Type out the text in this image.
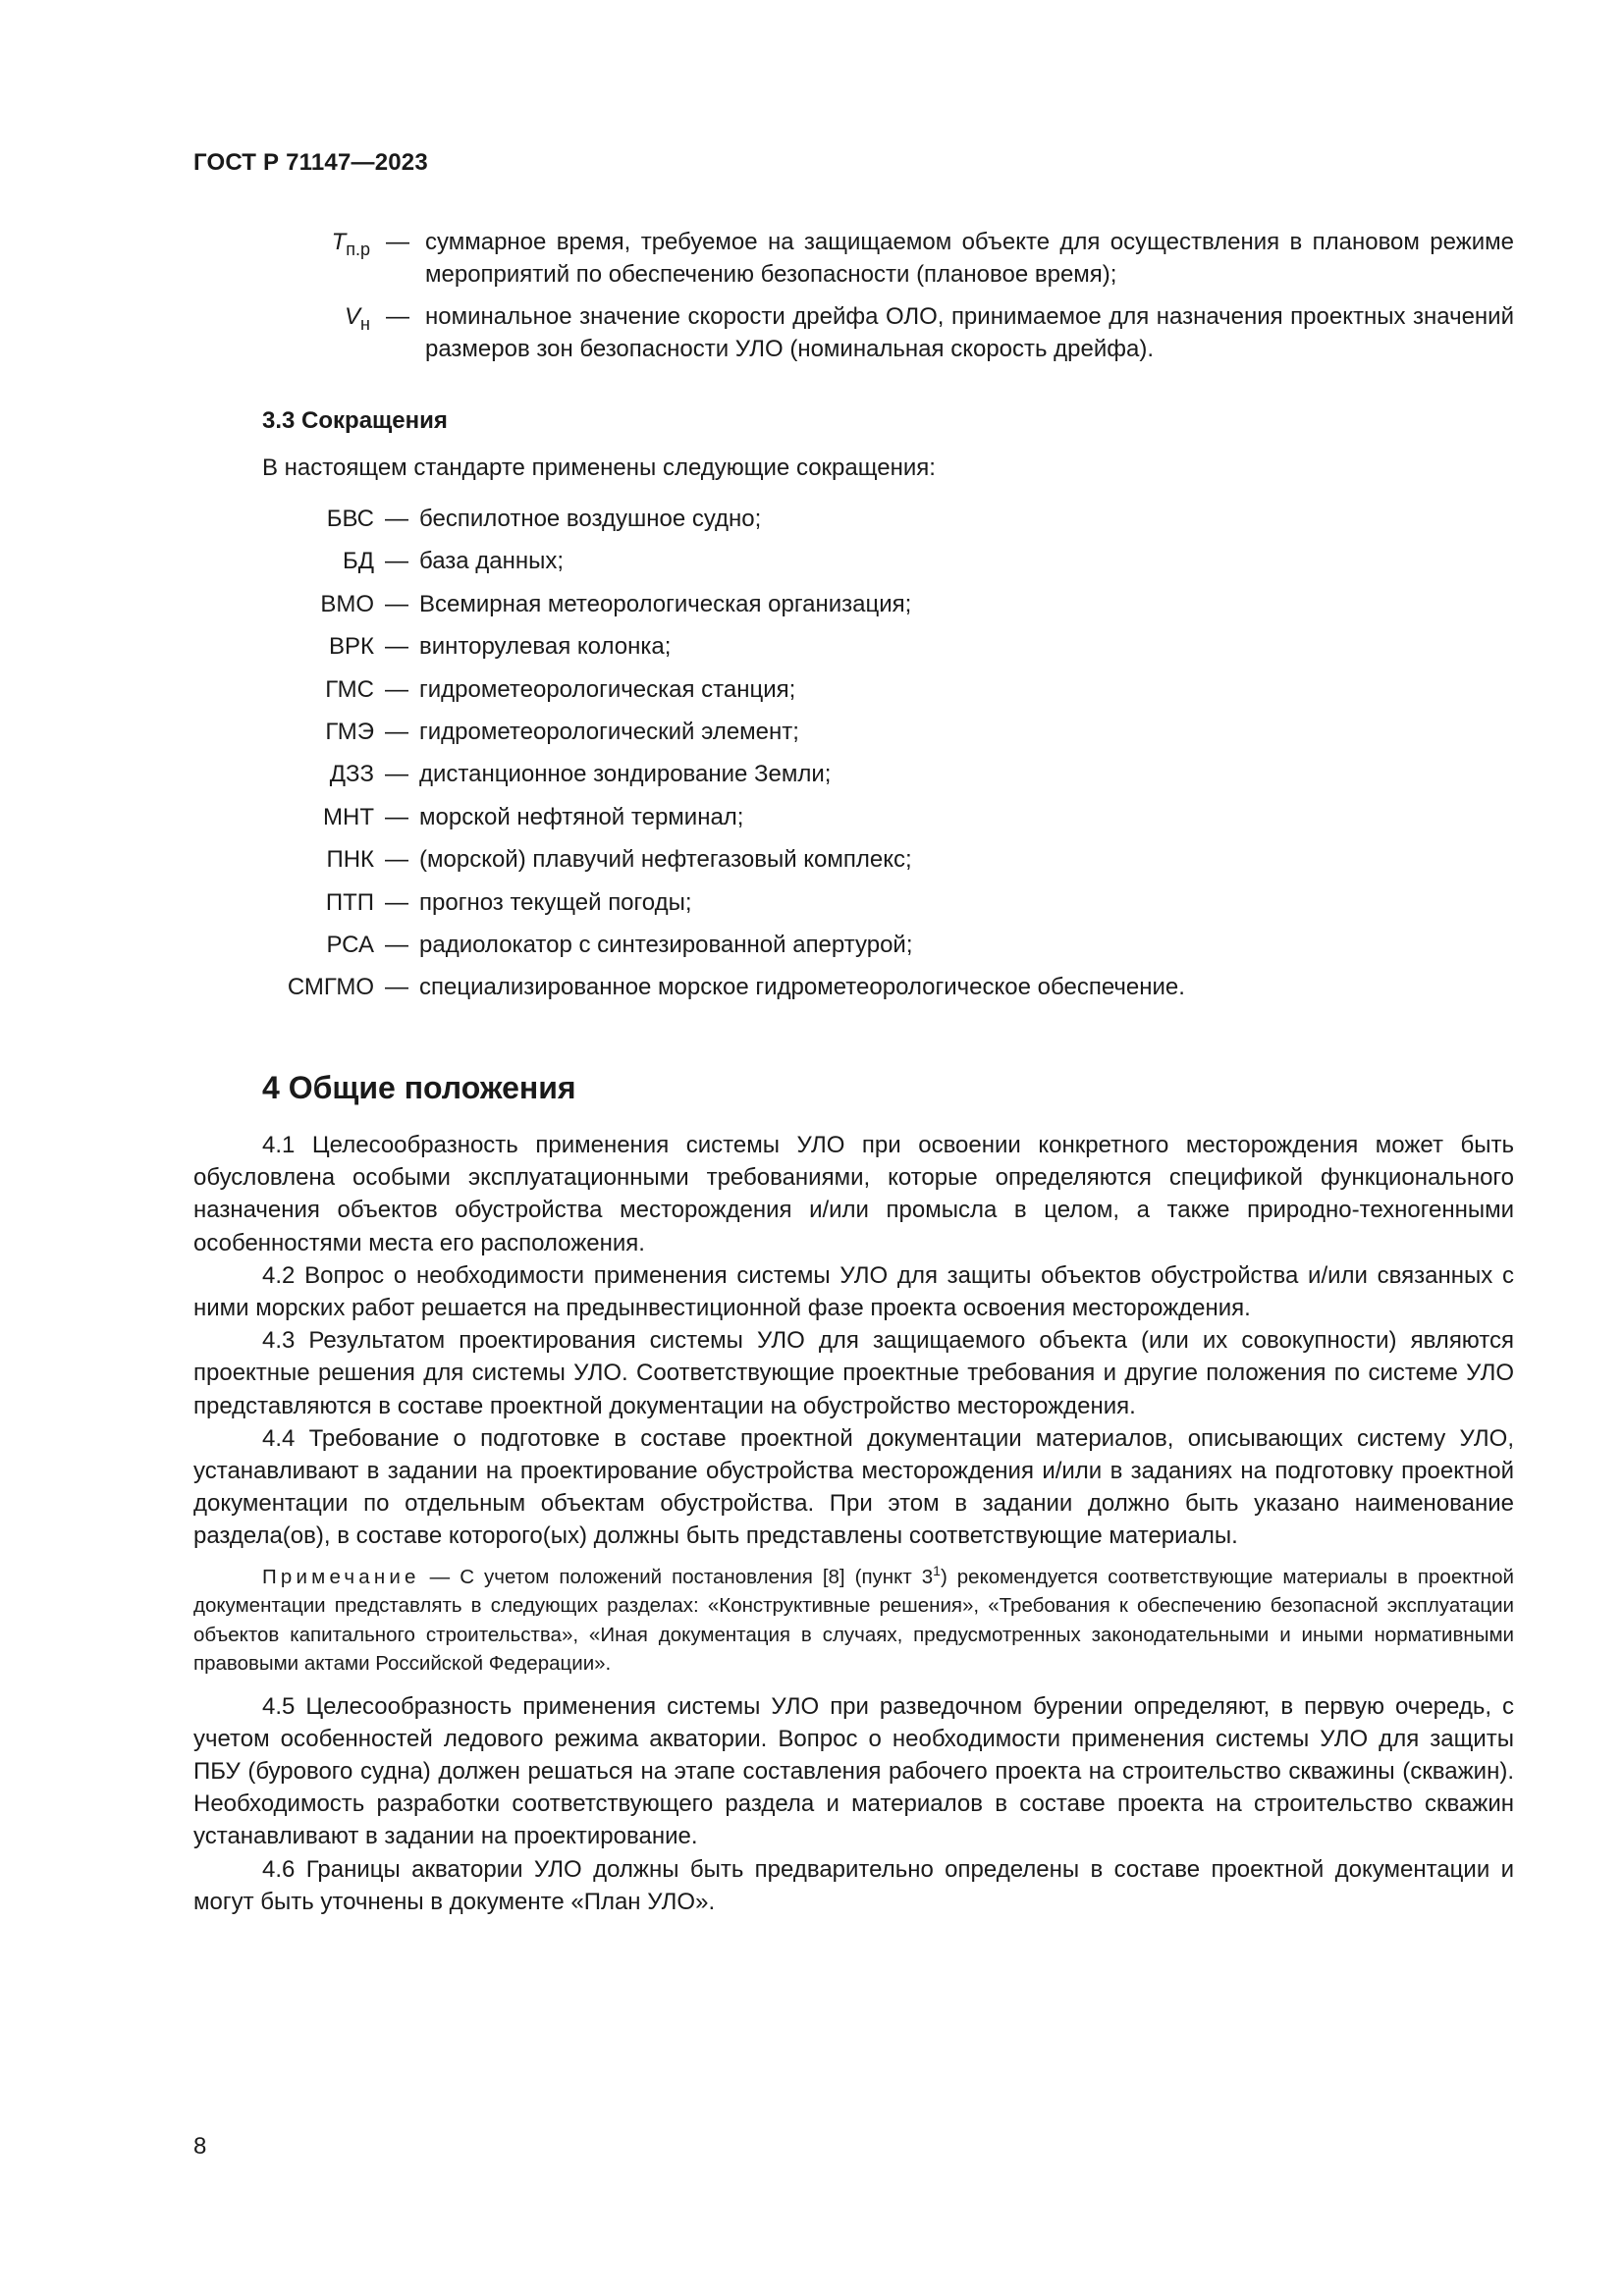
ГОСТ Р 71147—2023
$T_{п.р}$ — суммарное время, требуемое на защищаемом объекте для осуществления в плановом режиме мероприятий по обеспечению безопасности (плановое время);
$V_н$ — номинальное значение скорости дрейфа ОЛО, принимаемое для назначения проектных значений размеров зон безопасности УЛО (номинальная скорость дрейфа).
3.3 Сокращения
В настоящем стандарте применены следующие сокращения:
БВС — беспилотное воздушное судно;
БД — база данных;
ВМО — Всемирная метеорологическая организация;
ВРК — винторулевая колонка;
ГМС — гидрометеорологическая станция;
ГМЭ — гидрометеорологический элемент;
ДЗЗ — дистанционное зондирование Земли;
МНТ — морской нефтяной терминал;
ПНК — (морской) плавучий нефтегазовый комплекс;
ПТП — прогноз текущей погоды;
РСА — радиолокатор с синтезированной апертурой;
СМГМО — специализированное морское гидрометеорологическое обеспечение.
4 Общие положения

4.1 Целесообразность применения системы УЛО при освоении конкретного месторождения может быть обусловлена особыми эксплуатационными требованиями, которые определяются спецификой функционального назначения объектов обустройства месторождения и/или промысла в целом, а также природно-техногенными особенностями места его расположения.

4.2 Вопрос о необходимости применения системы УЛО для защиты объектов обустройства и/или связанных с ними морских работ решается на предынвестиционной фазе проекта освоения месторождения.

4.3 Результатом проектирования системы УЛО для защищаемого объекта (или их совокупности) являются проектные решения для системы УЛО. Соответствующие проектные требования и другие положения по системе УЛО представляются в составе проектной документации на обустройство месторождения.

4.4 Требование о подготовке в составе проектной документации материалов, описывающих систему УЛО, устанавливают в задании на проектирование обустройства месторождения и/или в заданиях на подготовку проектной документации по отдельным объектам обустройства. При этом в задании должно быть указано наименование раздела(ов), в составе которого(ых) должны быть представлены соответствующие материалы.

Примечание — С учетом положений постановления [8] (пункт $3^1$) рекомендуется соответствующие материалы в проектной документации представлять в следующих разделах: «Конструктивные решения», «Требования к обеспечению безопасной эксплуатации объектов капитального строительства», «Иная документация в случаях, предусмотренных законодательными и иными нормативными правовыми актами Российской Федерации».

4.5 Целесообразность применения системы УЛО при разведочном бурении определяют, в первую очередь, с учетом особенностей ледового режима акватории. Вопрос о необходимости применения системы УЛО для защиты ПБУ (бурового судна) должен решаться на этапе составления рабочего проекта на строительство скважины (скважин). Необходимость разработки соответствующего раздела и материалов в составе проекта на строительство скважин устанавливают в задании на проектирование.

4.6 Границы акватории УЛО должны быть предварительно определены в составе проектной документации и могут быть уточнены в документе «План УЛО».

8
